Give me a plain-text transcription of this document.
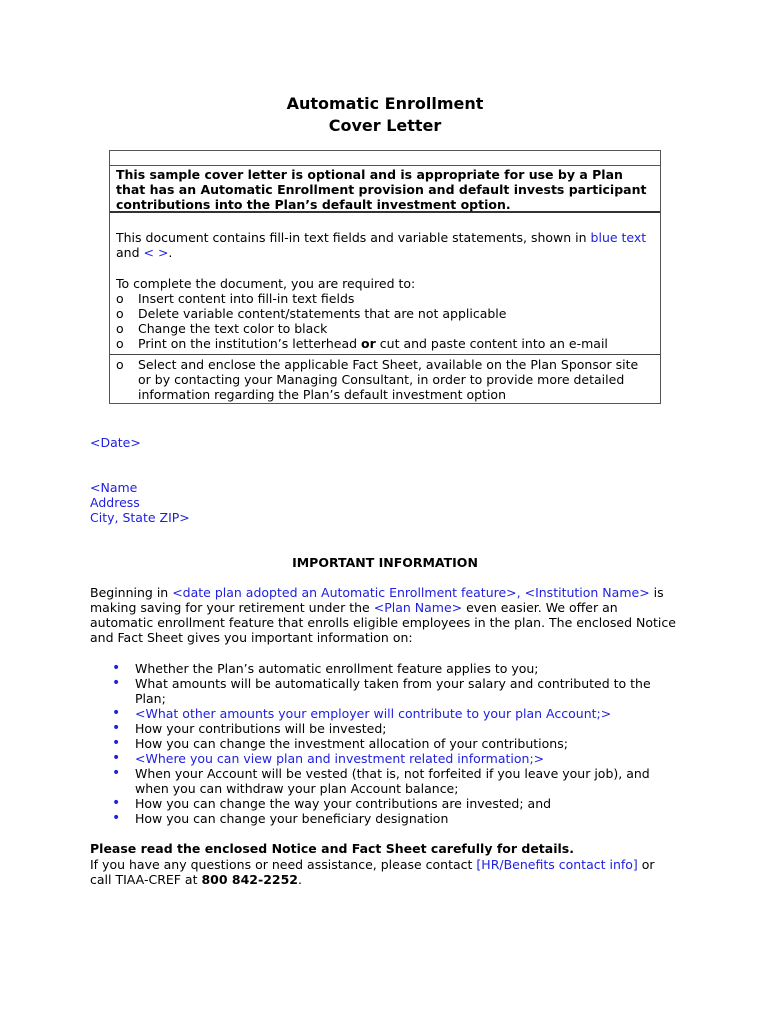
Automatic Enrollment
Cover Letter
This sample cover letter is optional and is appropriate for use by a Plan that has an Automatic Enrollment provision and default invests participant contributions into the Plan’s default investment option.
This document contains fill-in text fields and variable statements, shown in blue text
and < >.
To complete the document, you are required to:
o Insert content into fill-in text fields
o Delete variable content/statements that are not applicable
o Change the text color to black
o Print on the institution’s letterhead or cut and paste content into an e-mail
o Select and enclose the applicable Fact Sheet, available on the Plan Sponsor site or by contacting your Managing Consultant, in order to provide more detailed information regarding the Plan’s default investment option
<Date>
<Name
Address
City, State ZIP>
IMPORTANT INFORMATION
Beginning in <date plan adopted an Automatic Enrollment feature>, <Institution Name> is making saving for your retirement under the <Plan Name> even easier. We offer an automatic enrollment feature that enrolls eligible employees in the plan. The enclosed Notice and Fact Sheet gives you important information on:
• Whether the Plan’s automatic enrollment feature applies to you;
• What amounts will be automatically taken from your salary and contributed to the Plan;
• <What other amounts your employer will contribute to your plan Account;>
• How your contributions will be invested;
• How you can change the investment allocation of your contributions;
• <Where you can view plan and investment related information;>
• When your Account will be vested (that is, not forfeited if you leave your job), and when you can withdraw your plan Account balance;
• How you can change the way your contributions are invested; and
• How you can change your beneficiary designation
Please read the enclosed Notice and Fact Sheet carefully for details.
If you have any questions or need assistance, please contact [HR/Benefits contact info] or call TIAA-CREF at 800 842-2252.
